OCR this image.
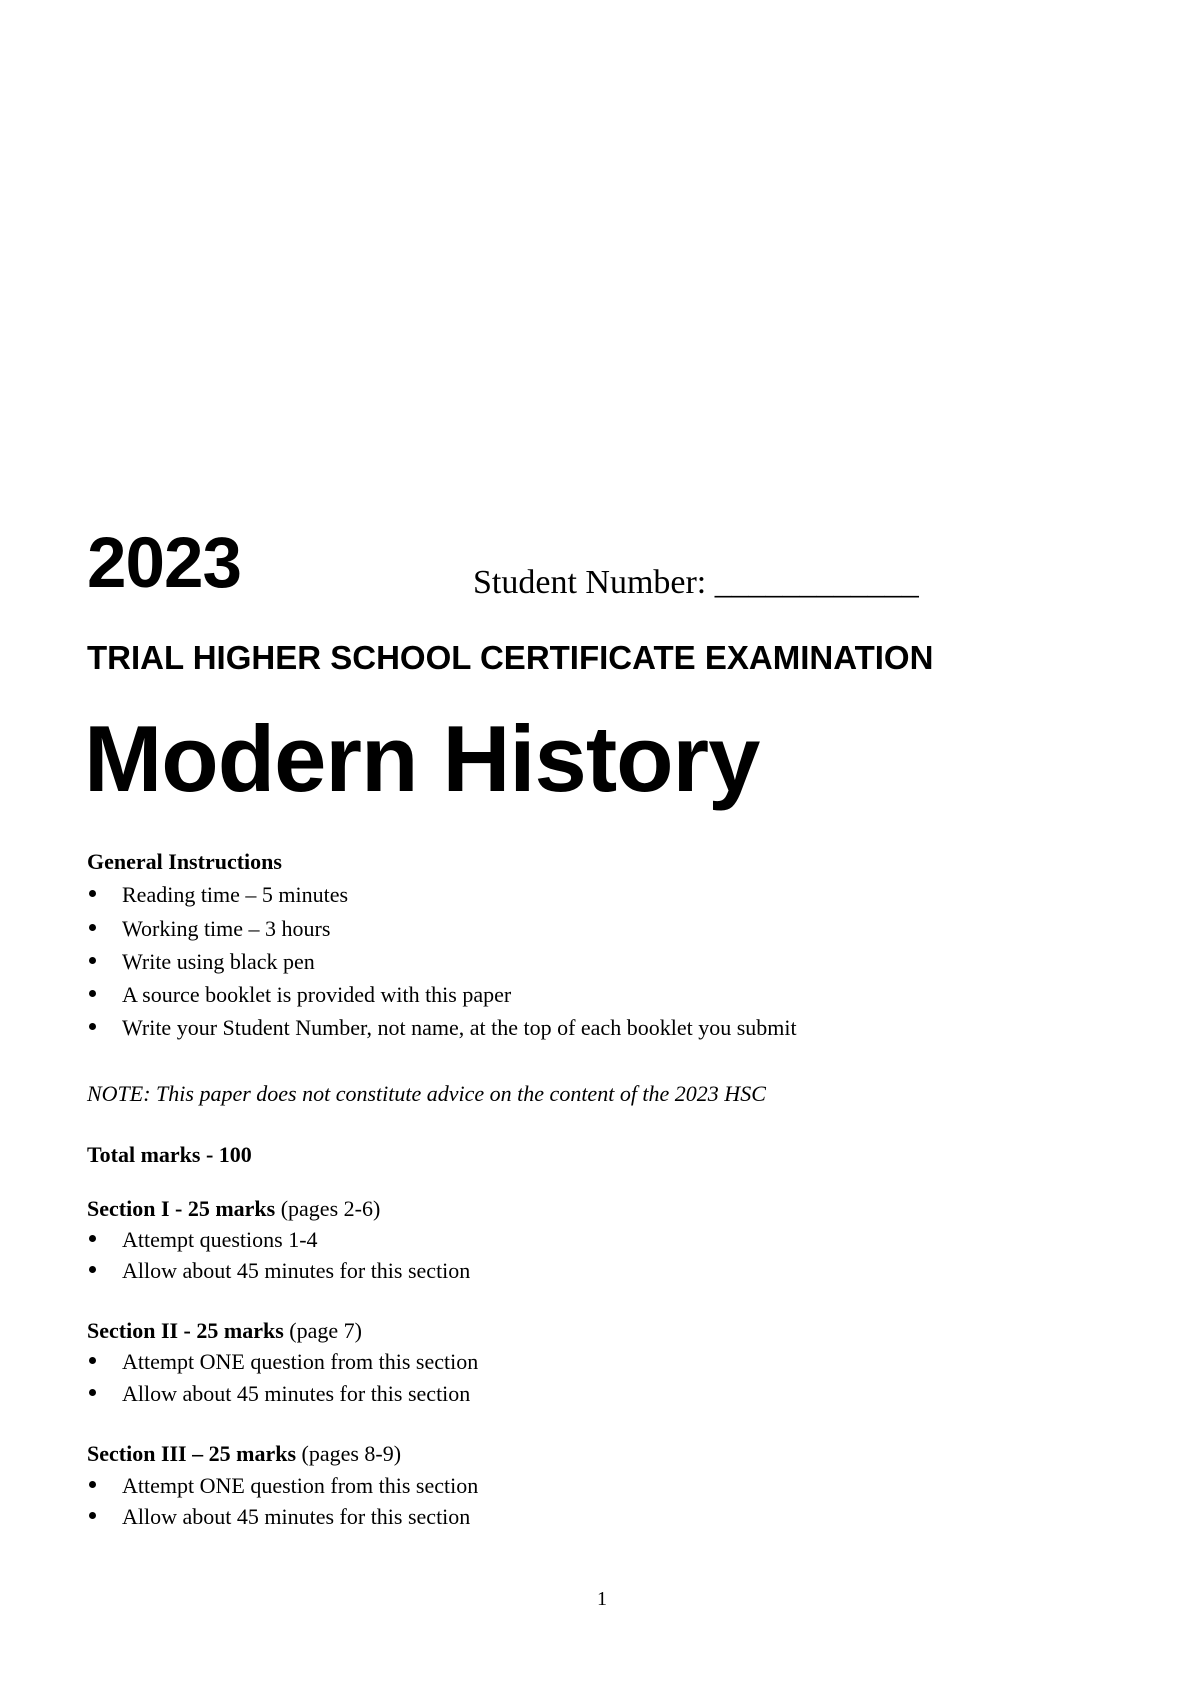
2023	Student Number: ____________
TRIAL HIGHER SCHOOL CERTIFICATE EXAMINATION
Modern History
General Instructions
Reading time – 5 minutes
Working time – 3 hours
Write using black pen
A source booklet is provided with this paper
Write your Student Number, not name, at the top of each booklet you submit
NOTE: This paper does not constitute advice on the content of the 2023 HSC
Total marks - 100
Section I - 25 marks (pages 2-6)
Attempt questions 1-4
Allow about 45 minutes for this section
Section II - 25 marks (page 7)
Attempt ONE question from this section
Allow about 45 minutes for this section
Section III – 25 marks (pages 8-9)
Attempt ONE question from this section
Allow about 45 minutes for this section
1
